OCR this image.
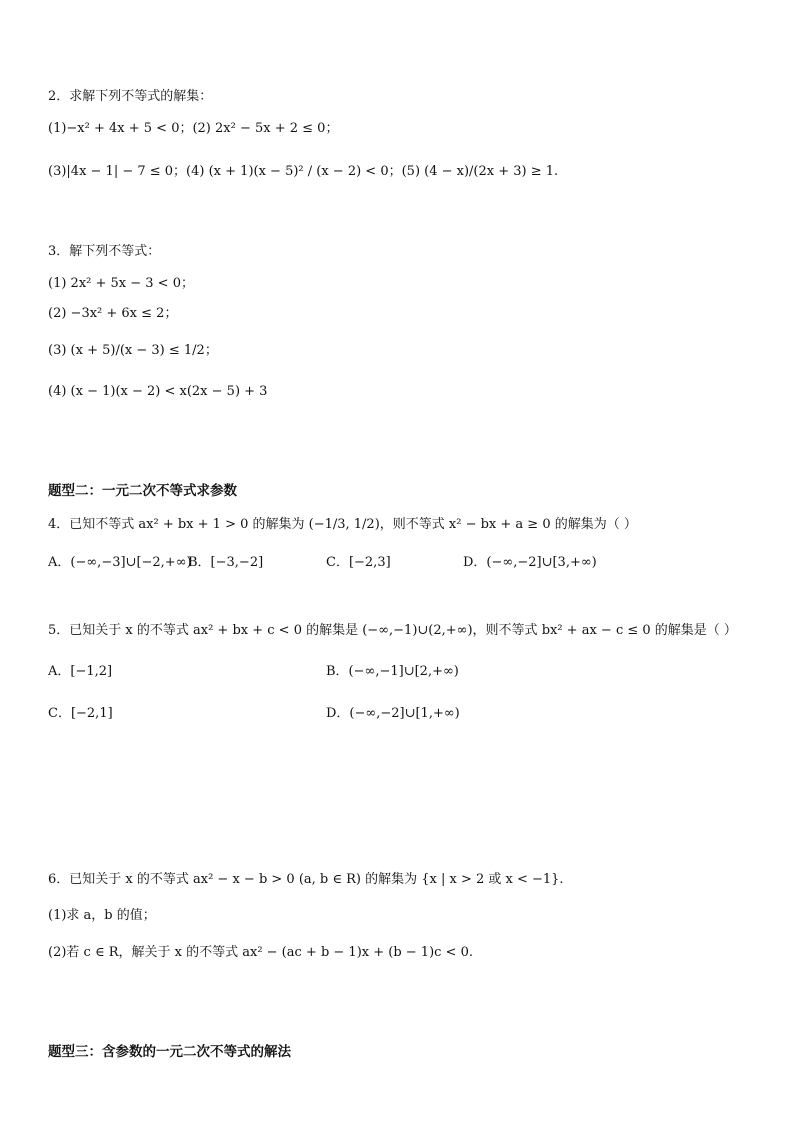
2．求解下列不等式的解集：
(1)−x² + 4x + 5 < 0；(2) 2x² − 5x + 2 ≤ 0；
(3)|4x − 1| − 7 ≤ 0；(4) (x + 1)(x − 5)² / (x − 2) < 0；(5) (4 − x)/(2x + 3) ≥ 1.
3．解下列不等式：
(1) 2x² + 5x − 3 < 0；
(2) −3x² + 6x ≤ 2；
(3) (x + 5)/(x − 3) ≤ 1/2；
(4) (x − 1)(x − 2) < x(2x − 5) + 3
题型二：一元二次不等式求参数
4．已知不等式 ax² + bx + 1 > 0 的解集为 (−1/3, 1/2)，则不等式 x² − bx + a ≥ 0 的解集为（ ）
A．(−∞,−3]∪[−2,+∞)
B．[−3,−2]	C．[−2,3]	D．(−∞,−2]∪[3,+∞)
5．已知关于 x 的不等式 ax² + bx + c < 0 的解集是 (−∞,−1)∪(2,+∞)，则不等式 bx² + ax − c ≤ 0 的解集是（ ）
A．[−1,2]	B．(−∞,−1]∪[2,+∞)
C．[−2,1]	D．(−∞,−2]∪[1,+∞)
6．已知关于 x 的不等式 ax² − x − b > 0 (a, b ∈ R) 的解集为 {x | x > 2 或 x < −1}.
(1)求 a，b 的值；
(2)若 c ∈ R，解关于 x 的不等式 ax² − (ac + b − 1)x + (b − 1)c < 0.
题型三：含参数的一元二次不等式的解法
